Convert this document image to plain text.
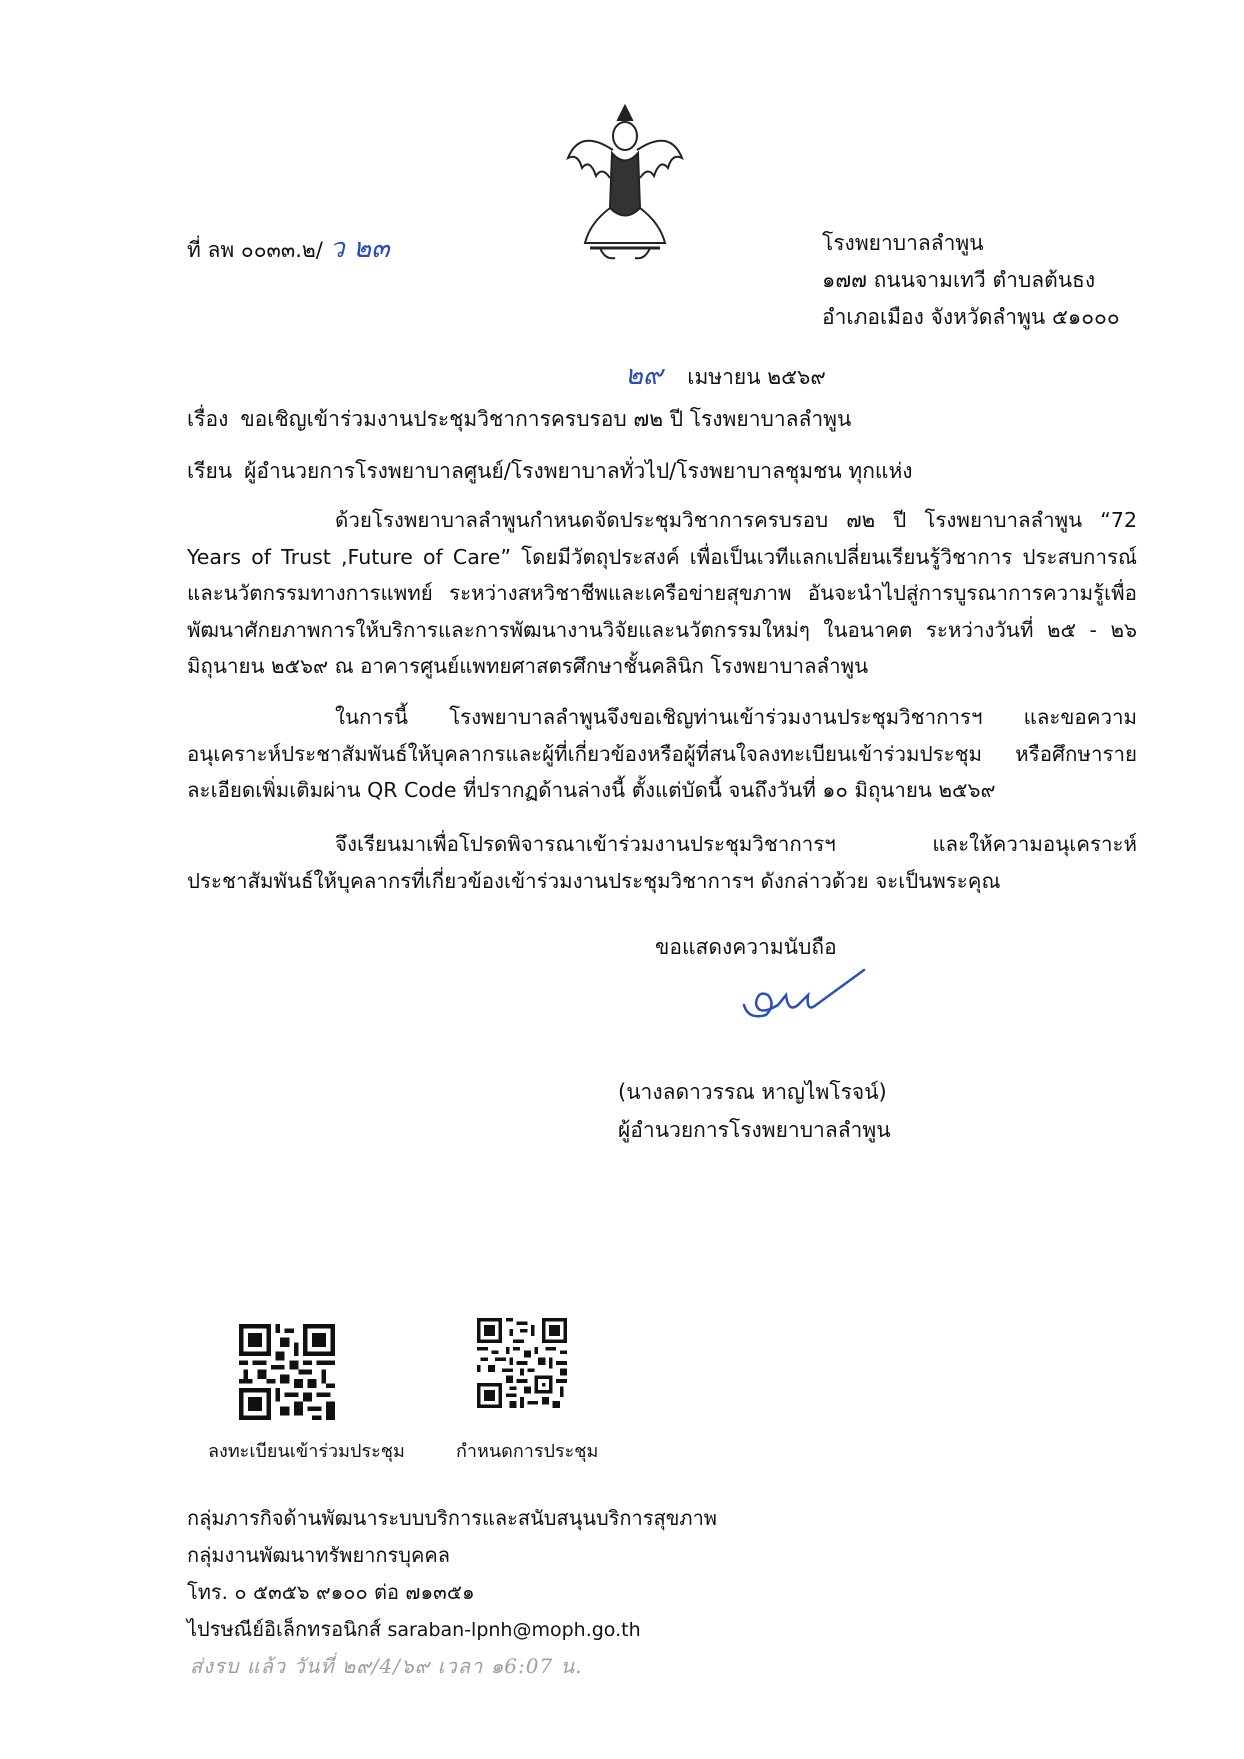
ที่ ลพ ๐๐๓๓.๒/ ว ๒๓	โรงพยาบาลลำพูน
๑๗๗ ถนนจามเทวี ตำบลต้นธง
อำเภอเมือง จังหวัดลำพูน ๕๑๐๐๐
๒๙ เมษายน ๒๕๖๙
เรื่อง ขอเชิญเข้าร่วมงานประชุมวิชาการครบรอบ ๗๒ ปี โรงพยาบาลลำพูน
เรียน ผู้อำนวยการโรงพยาบาลศูนย์/โรงพยาบาลทั่วไป/โรงพยาบาลชุมชน ทุกแห่ง
ด้วยโรงพยาบาลลำพูนกำหนดจัดประชุมวิชาการครบรอบ ๗๒ ปี โรงพยาบาลลำพูน “72 Years of Trust ,Future of Care” โดยมีวัตถุประสงค์ เพื่อเป็นเวทีแลกเปลี่ยนเรียนรู้วิชาการ ประสบการณ์และนวัตกรรมทางการแพทย์ ระหว่างสหวิชาชีพและเครือข่ายสุขภาพ อันจะนำไปสู่การบูรณาการความรู้เพื่อพัฒนาศักยภาพการให้บริการและการพัฒนางานวิจัยและนวัตกรรมใหม่ๆ ในอนาคต ระหว่างวันที่ ๒๕ - ๒๖ มิถุนายน ๒๕๖๙ ณ อาคารศูนย์แพทยศาสตรศึกษาชั้นคลินิก โรงพยาบาลลำพูน
ในการนี้ โรงพยาบาลลำพูนจึงขอเชิญท่านเข้าร่วมงานประชุมวิชาการฯ และขอความอนุเคราะห์ประชาสัมพันธ์ให้บุคลากรและผู้ที่เกี่ยวข้องหรือผู้ที่สนใจลงทะเบียนเข้าร่วมประชุม หรือศึกษารายละเอียดเพิ่มเติมผ่าน QR Code ที่ปรากฏด้านล่างนี้ ตั้งแต่บัดนี้ จนถึงวันที่ ๑๐ มิถุนายน ๒๕๖๙
จึงเรียนมาเพื่อโปรดพิจารณาเข้าร่วมงานประชุมวิชาการฯ และให้ความอนุเคราะห์ประชาสัมพันธ์ให้บุคลากรที่เกี่ยวข้องเข้าร่วมงานประชุมวิชาการฯ ดังกล่าวด้วย จะเป็นพระคุณ
ขอแสดงความนับถือ
(นางลดาวรรณ หาญไพโรจน์)
ผู้อำนวยการโรงพยาบาลลำพูน
ลงทะเบียนเข้าร่วมประชุม	กำหนดการประชุม
กลุ่มภารกิจด้านพัฒนาระบบบริการและสนับสนุนบริการสุขภาพ
กลุ่มงานพัฒนาทรัพยากรบุคคล
โทร. ๐ ๕๓๕๖ ๙๑๐๐ ต่อ ๗๑๓๕๑
ไปรษณีย์อิเล็กทรอนิกส์ saraban-lpnh@moph.go.th
ส่งรบ แล้ว วันที่ ๒๙/4/๖๙ เวลา ๑6:07 น.
